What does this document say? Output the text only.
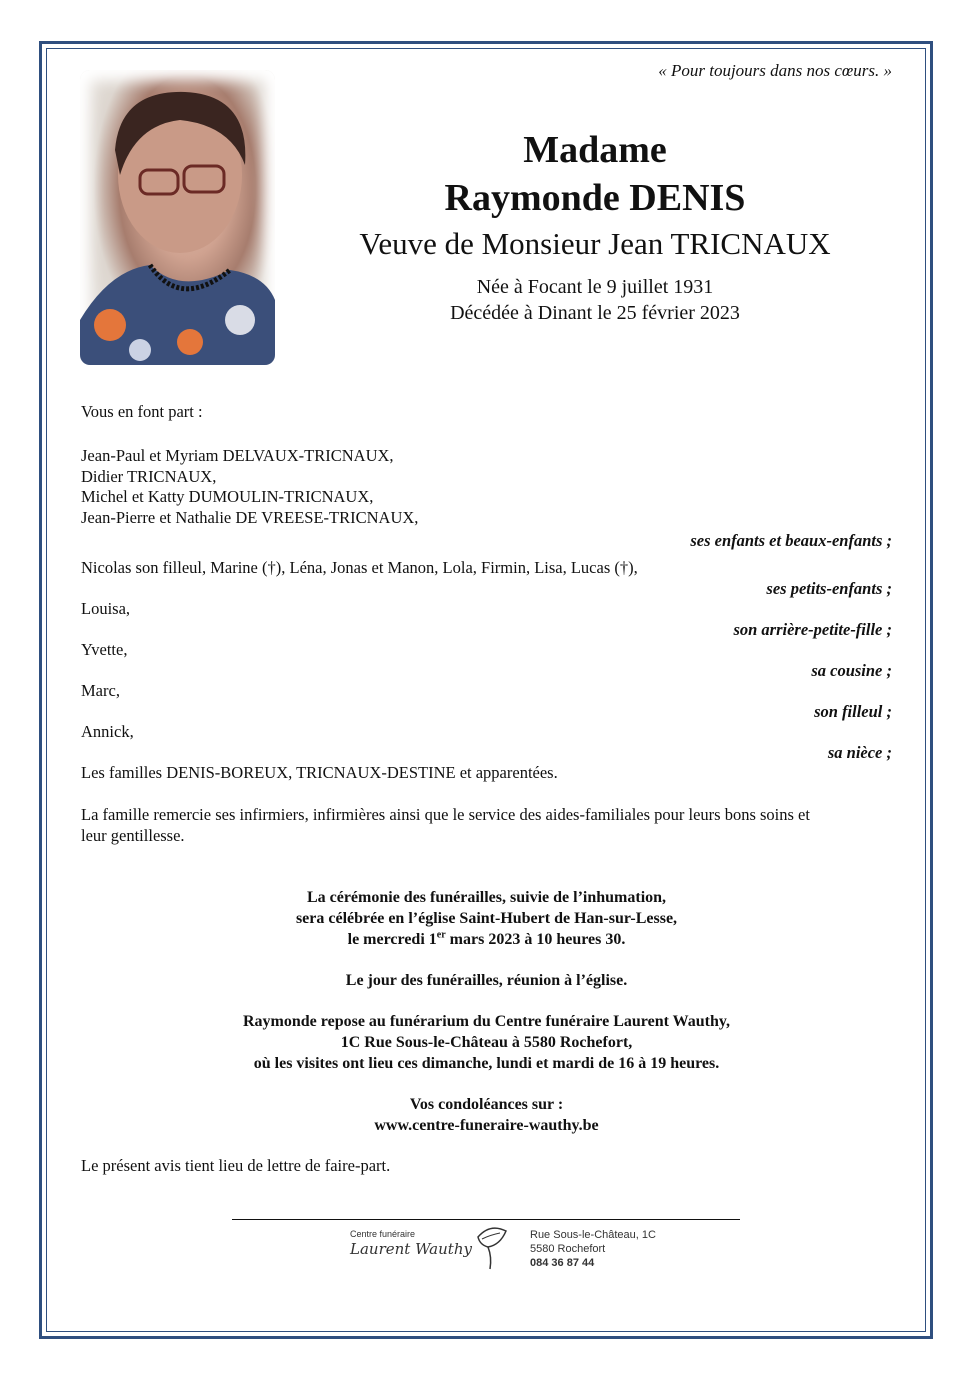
« Pour toujours dans nos cœurs. »
Madame
Raymonde DENIS
Veuve de Monsieur Jean TRICNAUX
Née à Focant le 9 juillet 1931
Décédée à Dinant le 25 février 2023
Vous en font part :
Jean-Paul et Myriam DELVAUX-TRICNAUX,
Didier TRICNAUX,
Michel et Katty DUMOULIN-TRICNAUX,
Jean-Pierre et Nathalie DE VREESE-TRICNAUX,
ses enfants et beaux-enfants ;
Nicolas son filleul, Marine (†), Léna, Jonas et Manon, Lola, Firmin, Lisa, Lucas (†),
ses petits-enfants ;
Louisa,
son arrière-petite-fille ;
Yvette,
sa cousine ;
Marc,
son filleul ;
Annick,
sa nièce ;
Les familles DENIS-BOREUX, TRICNAUX-DESTINE et apparentées.
La famille remercie ses infirmiers, infirmières ainsi que le service des aides-familiales pour leurs bons soins et
leur gentillesse.
La cérémonie des funérailles, suivie de l’inhumation,
sera célébrée en l’église Saint-Hubert de Han-sur-Lesse,
le mercredi 1er mars 2023 à 10 heures 30.
Le jour des funérailles, réunion à l’église.
Raymonde repose au funérarium du Centre funéraire Laurent Wauthy,
1C Rue Sous-le-Château à 5580 Rochefort,
où les visites ont lieu ces dimanche, lundi et mardi de 16 à 19 heures.
Vos condoléances sur :
www.centre-funeraire-wauthy.be
Le présent avis tient lieu de lettre de faire-part.
Centre funéraire
Laurent Wauthy
Rue Sous-le-Château, 1C
5580 Rochefort
084 36 87 44
